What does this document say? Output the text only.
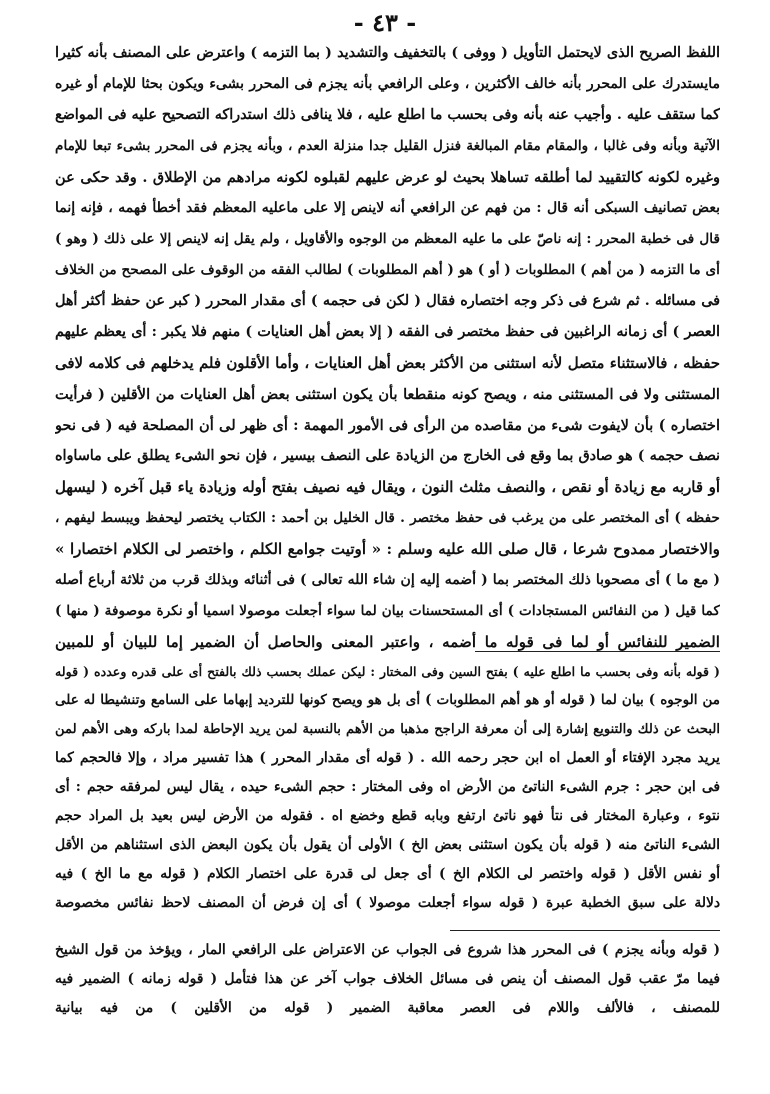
- ٤٣ -
اللفظ الصريح الذى لايحتمل التأويل ( ووفى ) بالتخفيف والتشديد ( بما التزمه ) واعترض على المصنف بأنه كثيرا
مايستدرك على المحرر بأنه خالف الأكثرين ، وعلى الرافعي بأنه يجزم فى المحرر بشىء ويكون بحثا للإمام أو غيره
كما ستقف عليه . وأجيب عنه بأنه وفى بحسب ما اطلع عليه ، فلا ينافى ذلك استدراكه التصحيح عليه فى المواضع
الآتية وبأنه وفى غالبا ، والمقام مقام المبالغة فنزل القليل جدا منزلة العدم ، وبأنه يجزم فى المحرر بشىء تبعا للإمام
وغيره لكونه كالتقييد لما أطلقه تساهلا بحيث لو عرض عليهم لقبلوه لكونه مرادهم من الإطلاق . وقد حكى عن
بعض تصانيف السبكى أنه قال : من فهم عن الرافعي أنه لاينص إلا على ماعليه المعظم فقد أخطأ فهمه ، فإنه إنما
قال فى خطبة المحرر : إنه ناصّ على ما عليه المعظم من الوجوه والأقاويل ، ولم يقل إنه لاينص إلا على ذلك ( وهو )
أى ما التزمه ( من أهم ) المطلوبات ( أو ) هو ( أهم المطلوبات ) لطالب الفقه من الوقوف على المصحح من الخلاف
فى مسائله . ثم شرع فى ذكر وجه اختصاره فقال ( لكن فى حجمه ) أى مقدار المحرر ( كبر عن حفظ أكثر أهل
العصر ) أى زمانه الراغبين فى حفظ مختصر فى الفقه ( إلا بعض أهل العنايات ) منهم فلا يكبر : أى يعظم عليهم
حفظه ، فالاستثناء متصل لأنه استثنى من الأكثر بعض أهل العنايات ، وأما الأقلون فلم يدخلهم فى كلامه لافى
المستثنى ولا فى المستثنى منه ، ويصح كونه منقطعا بأن يكون استثنى بعض أهل العنايات من الأقلين ( فرأيت
اختصاره ) بأن لايفوت شىء من مقاصده من الرأى فى الأمور المهمة : أى ظهر لى أن المصلحة فيه ( فى نحو
نصف حجمه ) هو صادق بما وقع فى الخارج من الزيادة على النصف بيسير ، فإن نحو الشىء يطلق على ماساواه
أو قاربه مع زيادة أو نقص ، والنصف مثلث النون ، ويقال فيه نصيف بفتح أوله وزيادة ياء قبل آخره ( ليسهل
حفظه ) أى المختصر على من يرغب فى حفظ مختصر . قال الخليل بن أحمد : الكتاب يختصر ليحفظ ويبسط ليفهم ،
والاختصار ممدوح شرعا ، قال صلى الله عليه وسلم : « أوتيت جوامع الكلم ، واختصر لى الكلام اختصارا »
( مع ما ) أى مصحوبا ذلك المختصر بما ( أضمه إليه إن شاء الله تعالى ) فى أثنائه وبذلك قرب من ثلاثة أرباع أصله
كما قيل ( من النفائس المستجادات ) أى المستحسنات بيان لما سواء أجعلت موصولا اسميا أو نكرة موصوفة ( منها )
الضمير للنفائس أو لما فى قوله ما أضمه ، واعتبر المعنى والحاصل أن الضمير إما للبيان أو للمبين
( قوله بأنه وفى بحسب ما اطلع عليه ) بفتح السين وفى المختار : ليكن عملك بحسب ذلك بالفتح أى على قدره وعدده ( قوله
من الوجوه ) بيان لما ( قوله أو هو أهم المطلوبات ) أى بل هو ويصح كونها للترديد إبهاما على السامع وتنشيطا له على
البحث عن ذلك والتنويع إشارة إلى أن معرفة الراجح مذهبا من الأهم بالنسبة لمن يريد الإحاطة لمدا باركه وهى الأهم لمن
يريد مجرد الإفتاء أو العمل اه ابن حجر رحمه الله . ( قوله أى مقدار المحرر ) هذا تفسير مراد ، وإلا فالحجم كما
فى ابن حجر : جرم الشىء الناتئ من الأرض اه وفى المختار : حجم الشىء حيده ، يقال ليس لمرفقه حجم : أى
نتوء ، وعبارة المختار فى نتأ فهو ناتئ ارتفع وبابه قطع وخضع اه . فقوله من الأرض ليس بعيد بل المراد حجم
الشىء الناتئ منه ( قوله بأن يكون استثنى بعض الخ ) الأولى أن يقول بأن يكون البعض الذى استثناهم من الأقل
أو نفس الأقل ( قوله واختصر لى الكلام الخ ) أى جعل لى قدرة على اختصار الكلام ( قوله مع ما الخ ) فيه
دلالة على سبق الخطبة عبرة ( قوله سواء أجعلت موصولا ) أى إن فرض أن المصنف لاحظ نفائس مخصوصة
( قوله وبأنه يجزم ) فى المحرر هذا شروع فى الجواب عن الاعتراض على الرافعي المار ، ويؤخذ من قول الشيخ
فيما مرّ عقب قول المصنف أن ينص فى مسائل الخلاف جواب آخر عن هذا فتأمل ( قوله زمانه ) الضمير فيه
للمصنف ، فالألف واللام فى العصر معاقبة الضمير ( قوله من الأقلين ) من فيه بيانية
